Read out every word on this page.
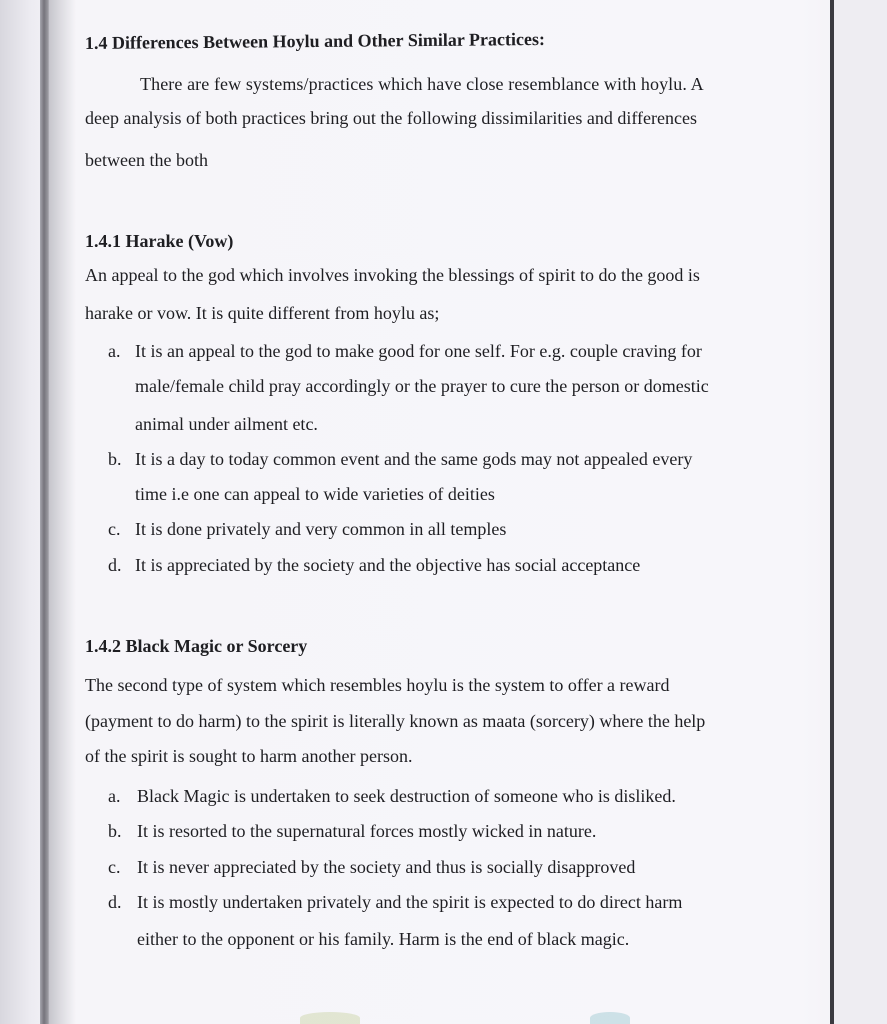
1.4 Differences Between Hoylu and Other Similar Practices:
There are few systems/practices which have close resemblance with hoylu. A
deep analysis of both practices bring out the following dissimilarities and differences
between the both
1.4.1 Harake (Vow)
An appeal to the god which involves invoking the blessings of spirit to do the good is
harake or vow. It is quite different from hoylu as;
a. It is an appeal to the god to make good for one self. For e.g. couple craving for
male/female child pray accordingly or the prayer to cure the person or domestic
animal under ailment etc.
b. It is a day to today common event and the same gods may not appealed every
time i.e one can appeal to wide varieties of deities
c. It is done privately and very common in all temples
d. It is appreciated by the society and the objective has social acceptance
1.4.2 Black Magic or Sorcery
The second type of system which resembles hoylu is the system to offer a reward
(payment to do harm) to the spirit is literally known as maata (sorcery) where the help
of the spirit is sought to harm another person.
a. Black Magic is undertaken to seek destruction of someone who is disliked.
b. It is resorted to the supernatural forces mostly wicked in nature.
c. It is never appreciated by the society and thus is socially disapproved
d. It is mostly undertaken privately and the spirit is expected to do direct harm
either to the opponent or his family. Harm is the end of black magic.
